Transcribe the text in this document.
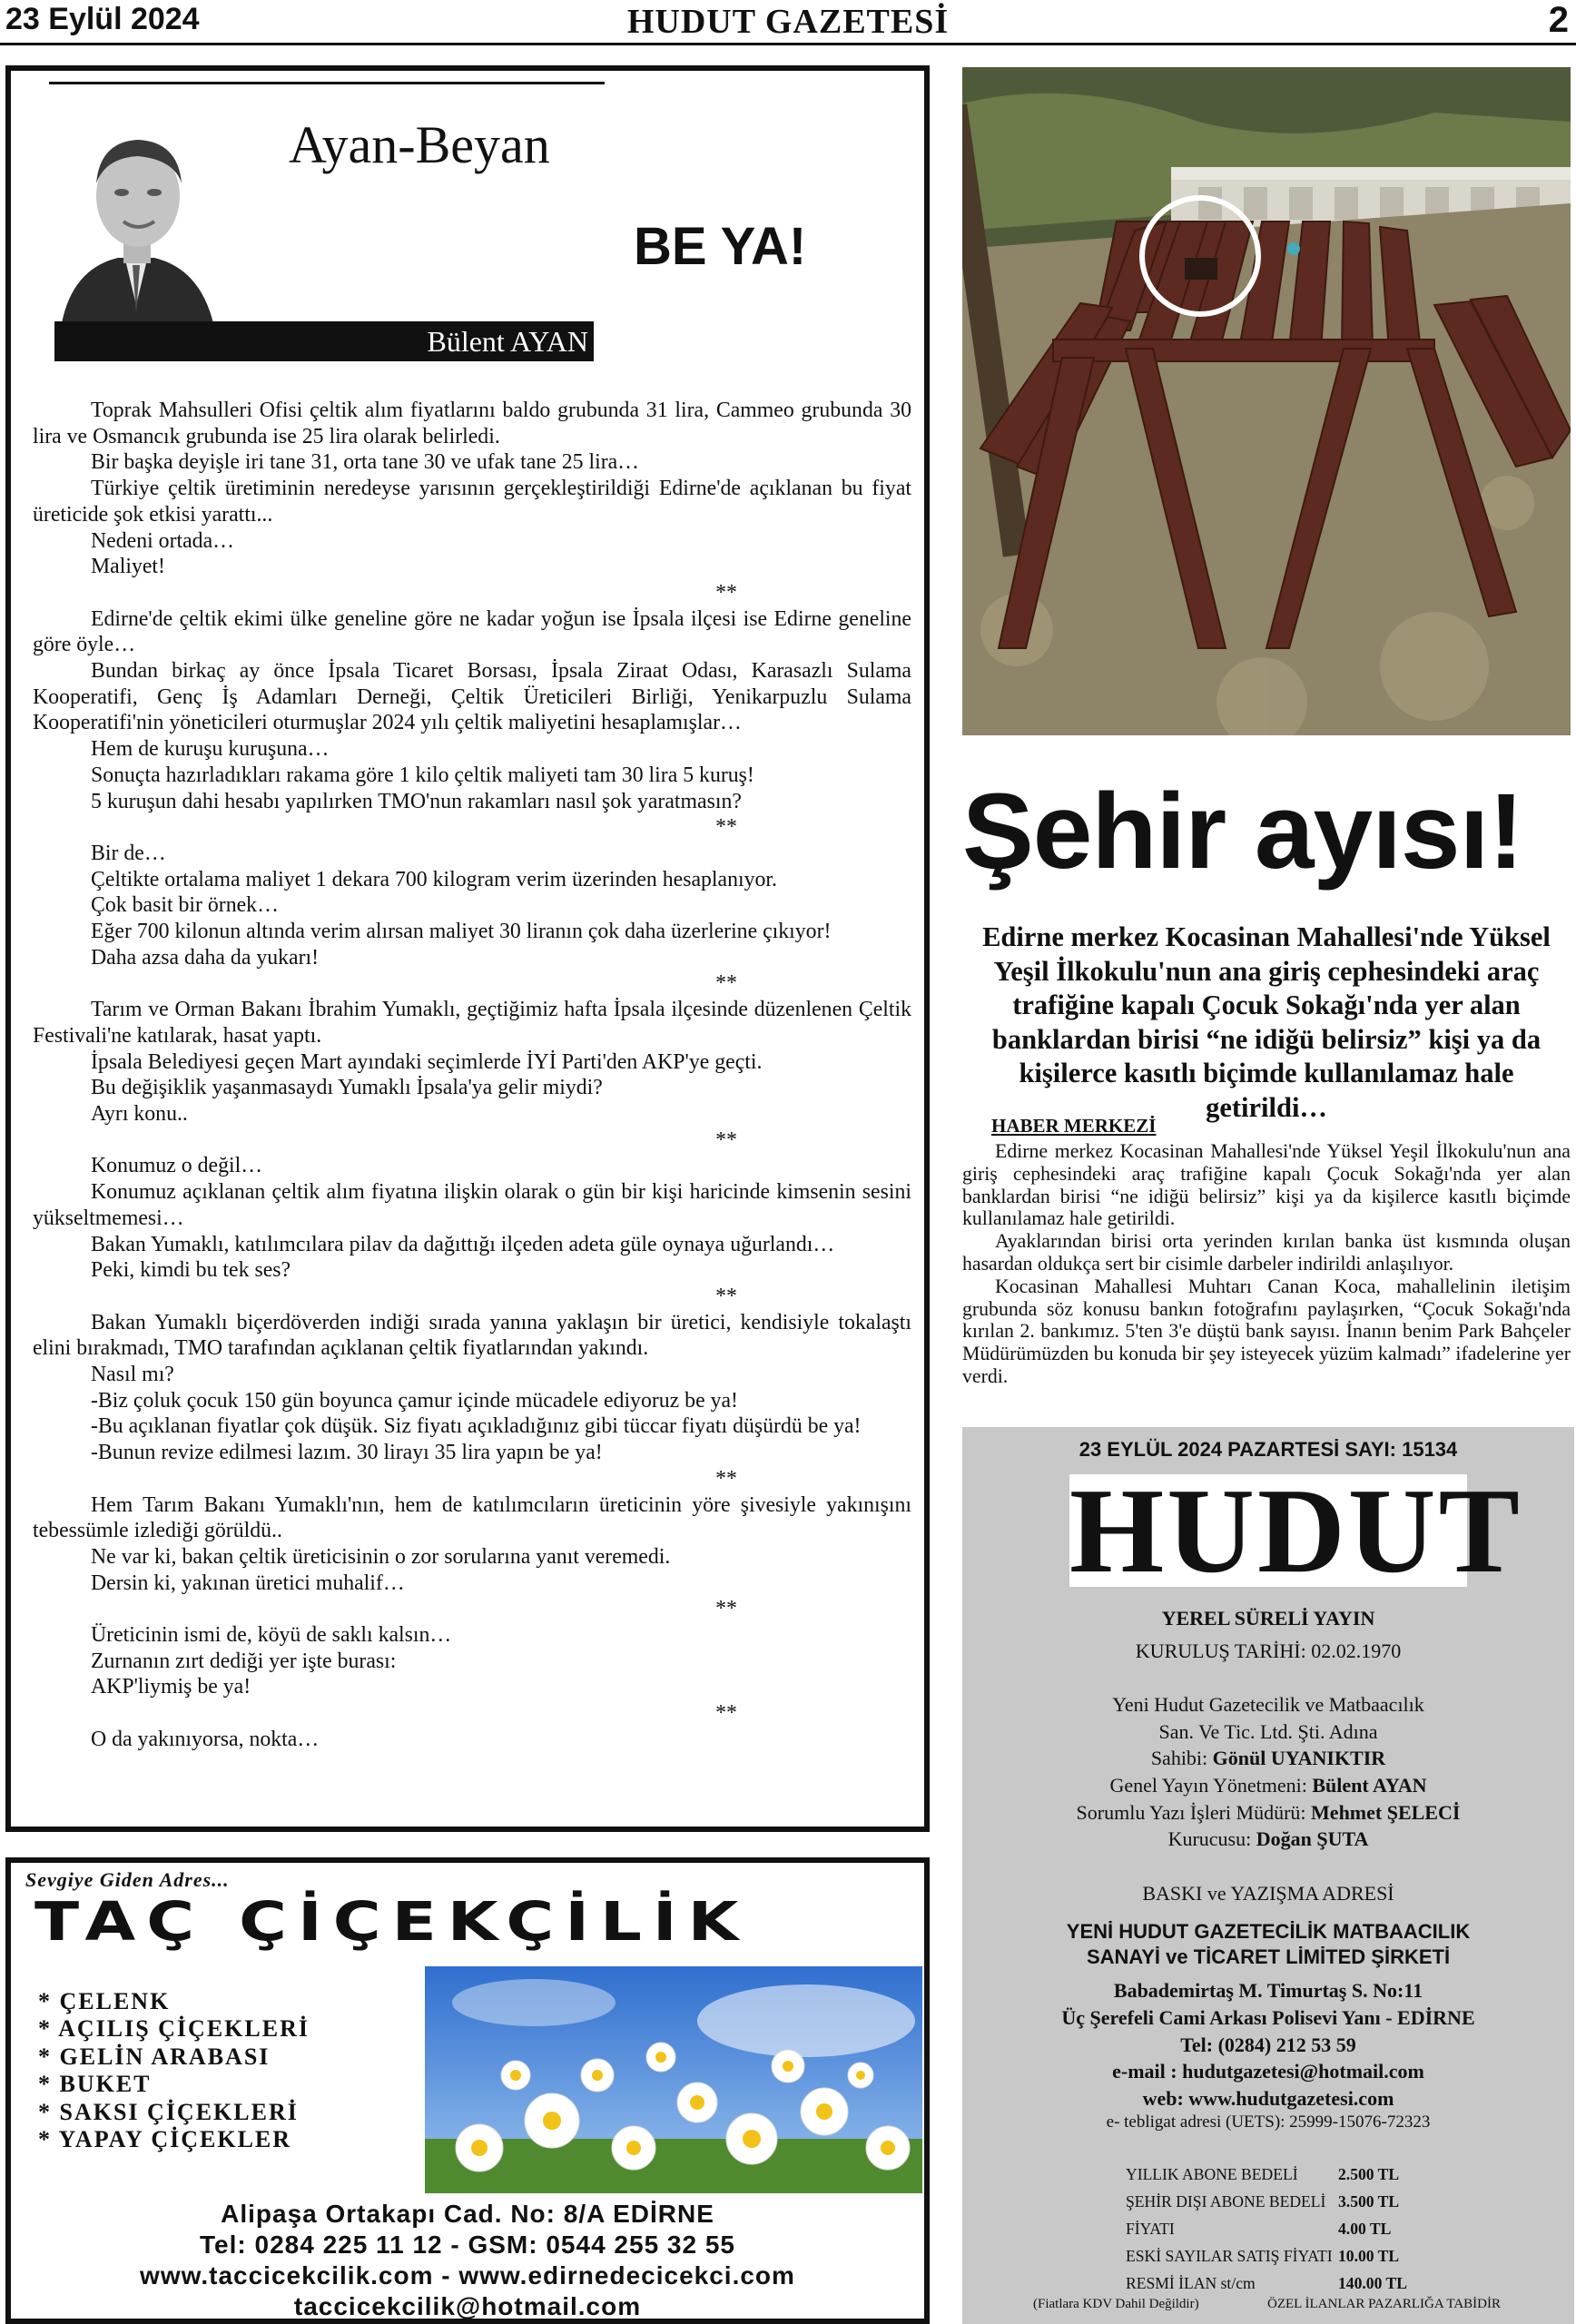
23 Eylül 2024	HUDUT GAZETESİ	2
Bülent AYAN
Ayan-Beyan
BE YA!

Toprak Mahsulleri Ofisi çeltik alım fiyatlarını baldo grubunda 31 lira, Cammeo grubunda 30 lira ve Osmancık grubunda ise 25 lira olarak belirledi.

Bir başka deyişle iri tane 31, orta tane 30 ve ufak tane 25 lira…

Türkiye çeltik üretiminin neredeyse yarısının gerçekleştirildiği Edirne'de açıklanan bu fiyat üreticide şok etkisi yarattı...

Nedeni ortada…

Maliyet!

**

Edirne'de çeltik ekimi ülke geneline göre ne kadar yoğun ise İpsala ilçesi ise Edirne geneline göre öyle…

Bundan birkaç ay önce İpsala Ticaret Borsası, İpsala Ziraat Odası, Karasazlı Sulama Kooperatifi, Genç İş Adamları Derneği, Çeltik Üreticileri Birliği, Yenikarpuzlu Sulama Kooperatifi'nin yöneticileri oturmuşlar 2024 yılı çeltik maliyetini hesaplamışlar…

Hem de kuruşu kuruşuna…

Sonuçta hazırladıkları rakama göre 1 kilo çeltik maliyeti tam 30 lira 5 kuruş!

5 kuruşun dahi hesabı yapılırken TMO'nun rakamları nasıl şok yaratmasın?

**

Bir de…

Çeltikte ortalama maliyet 1 dekara 700 kilogram verim üzerinden hesaplanıyor.

Çok basit bir örnek…

Eğer 700 kilonun altında verim alırsan maliyet 30 liranın çok daha üzerlerine çıkıyor!

Daha azsa daha da yukarı!

**

Tarım ve Orman Bakanı İbrahim Yumaklı, geçtiğimiz hafta İpsala ilçesinde düzenlenen Çeltik Festivali'ne katılarak, hasat yaptı.

İpsala Belediyesi geçen Mart ayındaki seçimlerde İYİ Parti'den AKP'ye geçti.

Bu değişiklik yaşanmasaydı Yumaklı İpsala'ya gelir miydi?

Ayrı konu..

**

Konumuz o değil…

Konumuz açıklanan çeltik alım fiyatına ilişkin olarak o gün bir kişi haricinde kimsenin sesini yükseltmemesi…

Bakan Yumaklı, katılımcılara pilav da dağıttığı ilçeden adeta güle oynaya uğurlandı…

Peki, kimdi bu tek ses?

**

Bakan Yumaklı biçerdöverden indiği sırada yanına yaklaşın bir üretici, kendisiyle tokalaştı elini bırakmadı, TMO tarafından açıklanan çeltik fiyatlarından yakındı.

Nasıl mı?

-Biz çoluk çocuk 150 gün boyunca çamur içinde mücadele ediyoruz be ya!

-Bu açıklanan fiyatlar çok düşük. Siz fiyatı açıkladığınız gibi tüccar fiyatı düşürdü be ya!

-Bunun revize edilmesi lazım. 30 lirayı 35 lira yapın be ya!

**

Hem Tarım Bakanı Yumaklı'nın, hem de katılımcıların üreticinin yöre şivesiyle yakınışını tebessümle izlediği görüldü..

Ne var ki, bakan çeltik üreticisinin o zor sorularına yanıt veremedi.

Dersin ki, yakınan üretici muhalif…

**

Üreticinin ismi de, köyü de saklı kalsın…

Zurnanın zırt dediği yer işte burası:

AKP'liymiş be ya!

**

O da yakınıyorsa, nokta…

Şehir ayısı!
Edirne merkez Kocasinan Mahallesi'nde Yüksel Yeşil İlkokulu'nun ana giriş cephesindeki araç trafiğine kapalı Çocuk Sokağı'nda yer alan banklardan birisi “ne idiğü belirsiz” kişi ya da kişilerce kasıtlı biçimde kullanılamaz hale getirildi…
HABER MERKEZİ

Edirne merkez Kocasinan Mahallesi'nde Yüksel Yeşil İlkokulu'nun ana giriş cephesindeki araç trafiğine kapalı Çocuk Sokağı'nda yer alan banklardan birisi “ne idiğü belirsiz” kişi ya da kişilerce kasıtlı biçimde kullanılamaz hale getirildi.

Ayaklarından birisi orta yerinden kırılan banka üst kısmında oluşan hasardan oldukça sert bir cisimle darbeler indirildi anlaşılıyor.

Kocasinan Mahallesi Muhtarı Canan Koca, mahallelinin iletişim grubunda söz konusu bankın fotoğrafını paylaşırken, “Çocuk Sokağı'nda kırılan 2. bankımız. 5'ten 3'e düştü bank sayısı. İnanın benim Park Bahçeler Müdürümüzden bu konuda bir şey isteyecek yüzüm kalmadı” ifadelerine yer verdi.

23 EYLÜL 2024 PAZARTESİ SAYI: 15134
HUDUT
YEREL SÜRELİ YAYIN
KURULUŞ TARİHİ: 02.02.1970
Yeni Hudut Gazetecilik ve Matbaacılık
San. Ve Tic. Ltd. Şti. Adına
Sahibi: Gönül UYANIKTIR
Genel Yayın Yönetmeni: Bülent AYAN
Sorumlu Yazı İşleri Müdürü: Mehmet ŞELECİ
Kurucusu: Doğan ŞUTA
BASKI ve YAZIŞMA ADRESİ
YENİ HUDUT GAZETECİLİK MATBAACILIK
SANAYİ ve TİCARET LİMİTED ŞİRKETİ
Babademirtaş M. Timurtaş S. No:11
Üç Şerefeli Cami Arkası Polisevi Yanı - EDİRNE
Tel: (0284) 212 53 59
e-mail : hudutgazetesi@hotmail.com
web: www.hudutgazetesi.com
e- tebligat adresi (UETS): 25999-15076-72323
YILLIK ABONE BEDELİ	2.500 TL
ŞEHİR DIŞI ABONE BEDELİ 3.500 TL
FİYATI	4.00 TL
ESKİ SAYILAR SATIŞ FİYATI 10.00 TL
RESMİ İLAN st/cm	140.00 TL
(Fiatlara KDV Dahil Değildir)	ÖZEL İLANLAR PAZARLIĞA TABİDİR
Sevgiye Giden Adres...
TAÇ ÇİÇEKÇİLİK
* ÇELENK
* AÇILIŞ ÇİÇEKLERİ
* GELİN ARABASI
* BUKET
* SAKSI ÇİÇEKLERİ
* YAPAY ÇİÇEKLER
Alipaşa Ortakapı Cad. No: 8/A EDİRNE
Tel: 0284 225 11 12 - GSM: 0544 255 32 55
www.taccicekcilik.com - www.edirnedecicekci.com
taccicekcilik@hotmail.com
